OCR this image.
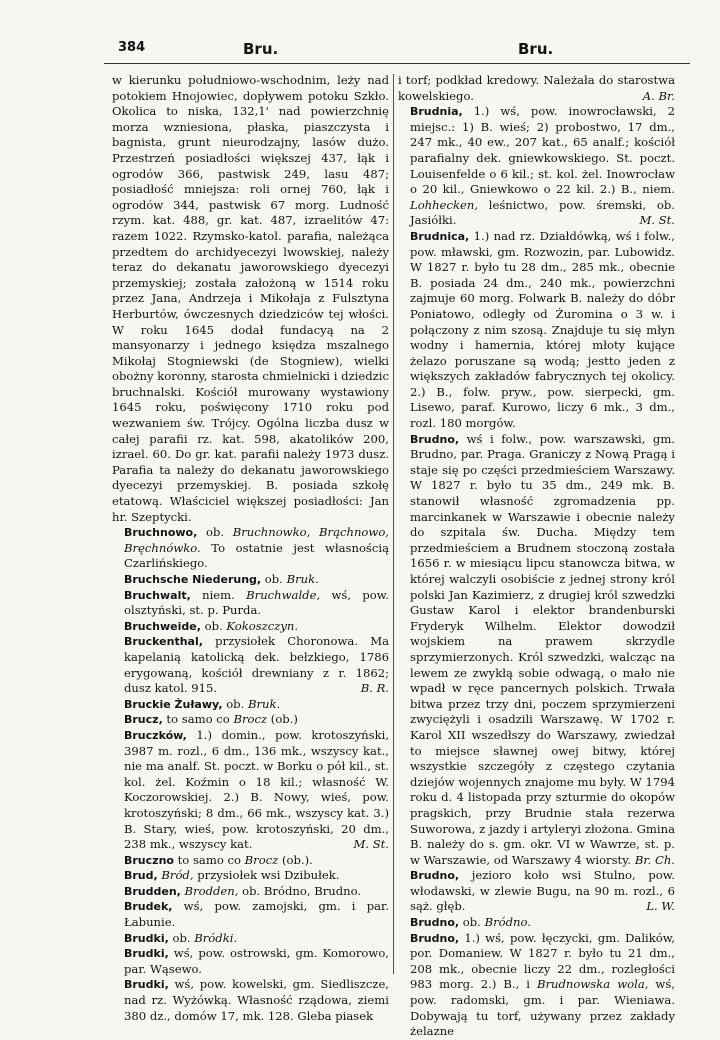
384	Bru.	Bru.

w kierunku południowo-wschodnim, leży nad potokiem Hnojowiec, dopływem potoku Szkło. Okolica to niska, 132,1' nad powierzchnię morza wzniesiona, płaska, piaszczysta i bagnista, grunt nieurodzajny, lasów dużo. Przestrzeń posiadłości większej 437, łąk i ogrodów 366, pastwisk 249, lasu 487; posiadłość mniejsza: roli ornej 760, łąk i ogrodów 344, pastwisk 67 morg. Ludność rzym. kat. 488, gr. kat. 487, izraelitów 47: razem 1022. Rzymsko-katol. parafia, należąca przedtem do archidyecezyi lwowskiej, należy teraz do dekanatu jaworowskiego dyecezyi przemyskiej; została założoną w 1514 roku przez Jana, Andrzeja i Mikołaja z Fulsztyna Herburtów, ówczesnych dziedziców tej włości. W roku 1645 dodał fundacyą na 2 mansyonarzy i jednego księdza mszalnego Mikołaj Stogniewski (de Stogniew), wielki obożny koronny, starosta chmielnicki i dziedzic bruchnalski. Kościół murowany wystawiony 1645 roku, poświęcony 1710 roku pod wezwaniem św. Trójcy. Ogólna liczba dusz w całej parafii rz. kat. 598, akatolików 200, izrael. 60. Do gr. kat. parafii należy 1973 dusz. Parafia ta należy do dekanatu jaworowskiego dyecezyi przemyskiej. B. posiada szkołę etatową. Właściciel większej posiadłości: Jan hr. Szeptycki.

Bruchnowo, ob. Bruchnowko, Brąchnowo, Bręchnówko. To ostatnie jest własnością Czarlińskiego.

Bruchsche Niederung, ob. Bruk.

Bruchwalt, niem. Bruchwalde, wś, pow. olsztyński, st. p. Purda.

Bruchweide, ob. Kokoszczyn.

Bruckenthal, przysiołek Choronowa. Ma kapelanią katolicką dek. bełzkiego, 1786 erygowaną, kościół drewniany z r. 1862; dusz katol. 915.	B. R.

Bruckie Żuławy, ob. Bruk.

Brucz, to samo co Brocz (ob.)

Bruczków, 1.) domin., pow. krotoszyński, 3987 m. rozl., 6 dm., 136 mk., wszyscy kat., nie ma analf. St. poczt. w Borku o pół kil., st. kol. żel. Koźmin o 18 kil.; własność W. Koczorowskiej. 2.) B. Nowy, wieś, pow. krotoszyński; 8 dm., 66 mk., wszyscy kat. 3.) B. Stary, wieś, pow. krotoszyński, 20 dm., 238 mk., wszyscy kat.	M. St.

Bruczno to samo co Brocz (ob.).

Brud, Bród, przysiołek wsi Dzibułek.

Brudden, Brodden, ob. Bródno, Brudno.

Brudek, wś, pow. zamojski, gm. i par. Łabunie.

Brudki, ob. Bródki.

Brudki, wś, pow. ostrowski, gm. Komorowo, par. Wąsewo.

Brudki, wś, pow. kowelski, gm. Siedliszcze, nad rz. Wyżówką. Własność rządowa, ziemi 380 dz., domów 17, mk. 128. Gleba piasek

i torf; podkład kredowy. Należała do starostwa kowelskiego.	A. Br.

Brudnia, 1.) wś, pow. inowrocławski, 2 miejsc.: 1) B. wieś; 2) probostwo, 17 dm., 247 mk., 40 ew., 207 kat., 65 analf.; kościół parafialny dek. gniewkowskiego. St. poczt. Louisenfelde o 6 kil.; st. kol. żel. Inowrocław o 20 kil., Gniewkowo o 22 kil. 2.) B., niem. Lohhecken, leśnictwo, pow. śremski, ob. Jasiółki.	M. St.

Brudnica, 1.) nad rz. Działdówką, wś i folw., pow. mławski, gm. Rozwozin, par. Lubowidz. W 1827 r. było tu 28 dm., 285 mk., obecnie B. posiada 24 dm., 240 mk., powierzchni zajmuje 60 morg. Folwark B. należy do dóbr Poniatowo, odległy od Żuromina o 3 w. i połączony z nim szosą. Znajduje tu się młyn wodny i hamernia, której młoty kujące żelazo poruszane są wodą; jestto jeden z większych zakładów fabrycznych tej okolicy. 2.) B., folw. pryw., pow. sierpecki, gm. Lisewo, paraf. Kurowo, liczy 6 mk., 3 dm., rozl. 180 morgów.

Brudno, wś i folw., pow. warszawski, gm. Brudno, par. Praga. Graniczy z Nową Pragą i staje się po części przedmieściem Warszawy. W 1827 r. było tu 35 dm., 249 mk. B. stanowił własność zgromadzenia pp. marcinkanek w Warszawie i obecnie należy do szpitala św. Ducha. Między tem przedmieściem a Brudnem stoczoną została 1656 r. w miesiącu lipcu stanowcza bitwa, w której walczyli osobiście z jednej strony król polski Jan Kazimierz, z drugiej król szwedzki Gustaw Karol i elektor brandenburski Fryderyk Wilhelm. Elektor dowodził wojskiem na prawem skrzydle sprzymierzonych. Król szwedzki, walcząc na lewem ze zwykłą sobie odwagą, o mało nie wpadł w ręce pancernych polskich. Trwała bitwa przez trzy dni, poczem sprzymierzeni zwyciężyli i osadzili Warszawę. W 1702 r. Karol XII wszedłszy do Warszawy, zwiedzał to miejsce sławnej owej bitwy, której wszystkie szczegóły z częstego czytania dziejów wojennych znajome mu były. W 1794 roku d. 4 listopada przy szturmie do okopów pragskich, przy Brudnie stała rezerwa Suworowa, z jazdy i artyleryi złożona. Gmina B. należy do s. gm. okr. VI w Wawrze, st. p. w Warszawie, od Warszawy 4 wiorsty. Br. Ch.

Brudno, jezioro koło wsi Stulno, pow. włodawski, w zlewie Bugu, na 90 m. rozl., 6 sąż. głęb.	L. W.

Brudno, ob. Bródno.

Brudno, 1.) wś, pow. łęczycki, gm. Dalików, por. Domaniew. W 1827 r. było tu 21 dm., 208 mk., obecnie liczy 22 dm., rozległości 983 morg. 2.) B., i Brudnowska wola, wś, pow. radomski, gm. i par. Wieniawa. Dobywają tu torf, używany przez zakłady żelazne
